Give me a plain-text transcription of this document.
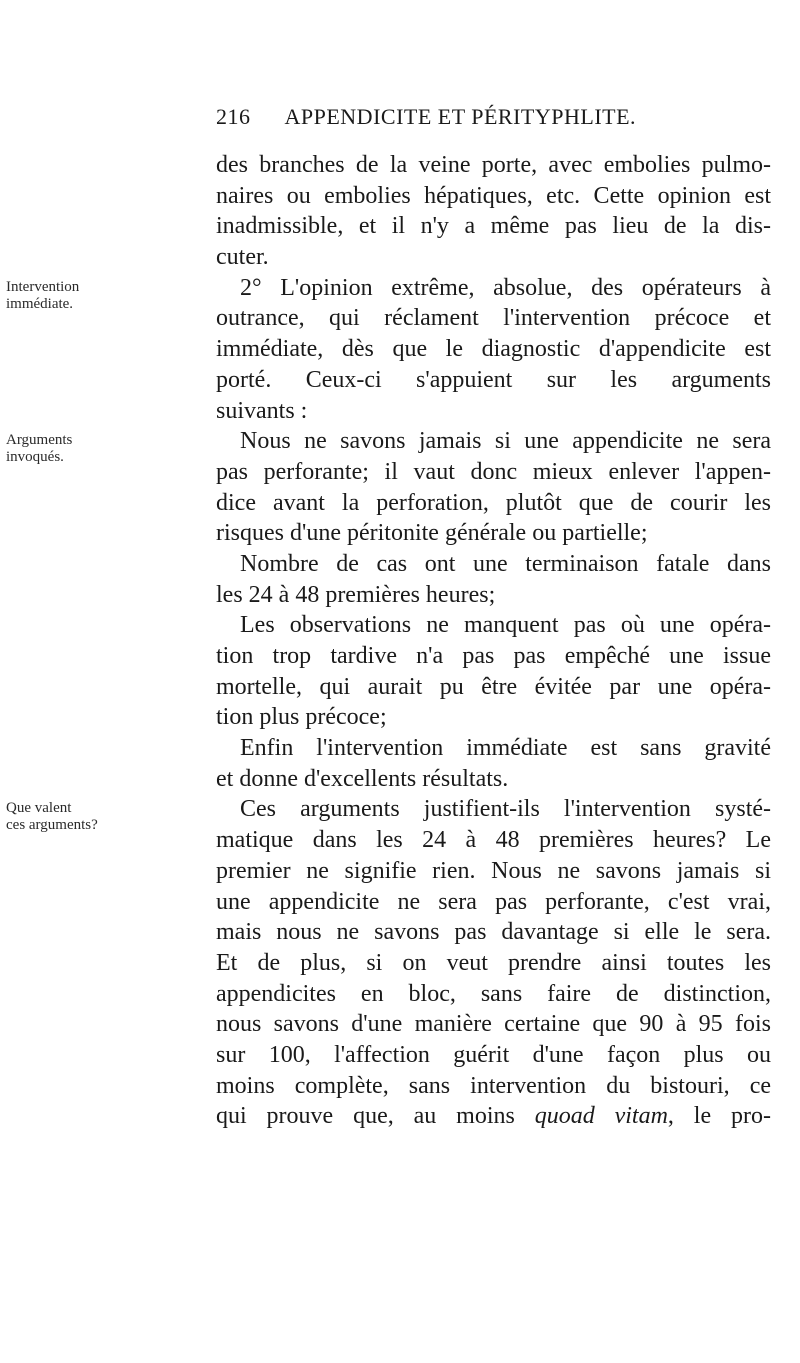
216 APPENDICITE ET PÉRITYPHLITE.
des branches de la veine porte, avec embolies pulmo-
naires ou embolies hépatiques, etc. Cette opinion est
inadmissible, et il n'y a même pas lieu de la dis-
cuter.
Intervention
immédiate.
2° L'opinion extrême, absolue, des opérateurs à
outrance, qui réclament l'intervention précoce et
immédiate, dès que le diagnostic d'appendicite est
porté. Ceux-ci s'appuient sur les arguments
suivants :
Arguments
invoqués.
Nous ne savons jamais si une appendicite ne sera
pas perforante; il vaut donc mieux enlever l'appen-
dice avant la perforation, plutôt que de courir les
risques d'une péritonite générale ou partielle;
Nombre de cas ont une terminaison fatale dans
les 24 à 48 premières heures;
Les observations ne manquent pas où une opéra-
tion trop tardive n'a pas pas empêché une issue
mortelle, qui aurait pu être évitée par une opéra-
tion plus précoce;
Enfin l'intervention immédiate est sans gravité
et donne d'excellents résultats.
Que valent
ces arguments?
Ces arguments justifient-ils l'intervention systé-
matique dans les 24 à 48 premières heures? Le
premier ne signifie rien. Nous ne savons jamais si
une appendicite ne sera pas perforante, c'est vrai,
mais nous ne savons pas davantage si elle le sera.
Et de plus, si on veut prendre ainsi toutes les
appendicites en bloc, sans faire de distinction,
nous savons d'une manière certaine que 90 à 95 fois
sur 100, l'affection guérit d'une façon plus ou
moins complète, sans intervention du bistouri, ce
qui prouve que, au moins quoad vitam, le pro-
